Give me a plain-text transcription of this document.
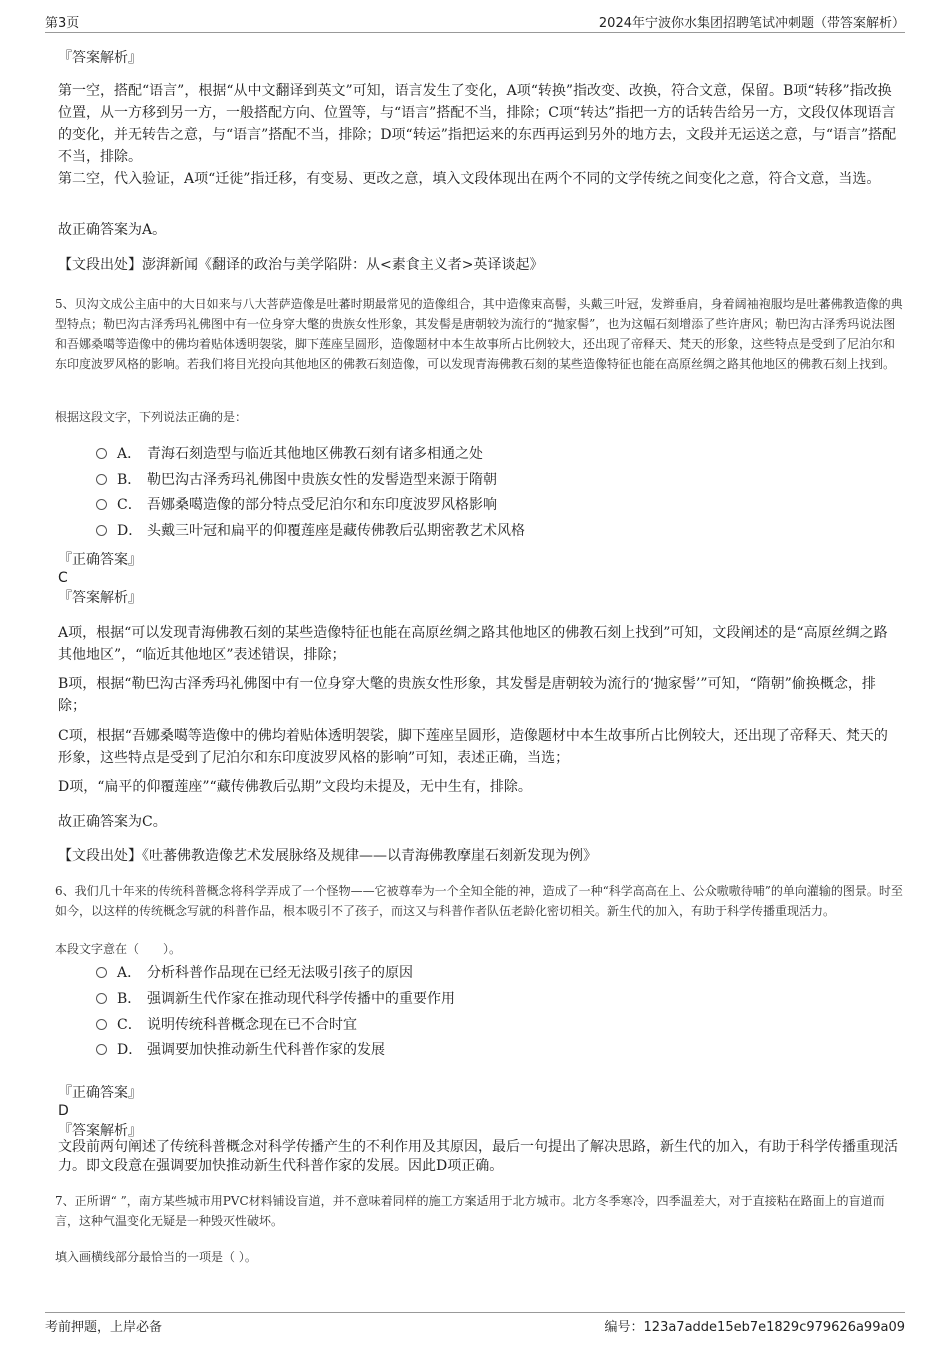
第3页	2024年宁波你水集团招聘笔试冲刺题（带答案解析）
『答案解析』
第一空，搭配“语言”，根据“从中文翻译到英文”可知，语言发生了变化，A项“转换”指改变、改换，符合文意，保留。B项“转移”指改换位置，从一方移到另一方，一般搭配方向、位置等，与“语言”搭配不当，排除；C项“转达”指把一方的话转告给另一方，文段仅体现语言的变化，并无转告之意，与“语言”搭配不当，排除；D项“转运”指把运来的东西再运到另外的地方去，文段并无运送之意，与“语言”搭配不当，排除。
第二空，代入验证，A项“迁徙”指迁移，有变易、更改之意，填入文段体现出在两个不同的文学传统之间变化之意，符合文意，当选。
故正确答案为A。
【文段出处】澎湃新闻《翻译的政治与美学陷阱：从<素食主义者>英译谈起》
5、贝沟文成公主庙中的大日如来与八大菩萨造像是吐蕃时期最常见的造像组合，其中造像束高髻，头戴三叶冠，发辫垂肩，身着阔袖袍服均是吐蕃佛教造像的典型特点；勒巴沟古泽秀玛礼佛图中有一位身穿大氅的贵族女性形象，其发髻是唐朝较为流行的“抛家髻”，也为这幅石刻增添了些许唐风；勒巴沟古泽秀玛说法图和吾娜桑噶等造像中的佛均着贴体透明袈裟，脚下莲座呈圆形，造像题材中本生故事所占比例较大，还出现了帝释天、梵天的形象，这些特点是受到了尼泊尔和东印度波罗风格的影响。若我们将目光投向其他地区的佛教石刻造像，可以发现青海佛教石刻的某些造像特征也能在高原丝绸之路其他地区的佛教石刻上找到。
根据这段文字，下列说法正确的是：
A． 青海石刻造型与临近其他地区佛教石刻有诸多相通之处
B． 勒巴沟古泽秀玛礼佛图中贵族女性的发髻造型来源于隋朝
C． 吾娜桑噶造像的部分特点受尼泊尔和东印度波罗风格影响
D． 头戴三叶冠和扁平的仰覆莲座是藏传佛教后弘期密教艺术风格
『正确答案』
C
『答案解析』
A项，根据“可以发现青海佛教石刻的某些造像特征也能在高原丝绸之路其他地区的佛教石刻上找到”可知，文段阐述的是“高原丝绸之路其他地区”，“临近其他地区”表述错误，排除；
B项，根据“勒巴沟古泽秀玛礼佛图中有一位身穿大氅的贵族女性形象，其发髻是唐朝较为流行的‘抛家髻’”可知，“隋朝”偷换概念，排除；
C项，根据“吾娜桑噶等造像中的佛均着贴体透明袈裟，脚下莲座呈圆形，造像题材中本生故事所占比例较大，还出现了帝释天、梵天的形象，这些特点是受到了尼泊尔和东印度波罗风格的影响”可知，表述正确，当选；
D项，“扁平的仰覆莲座”“藏传佛教后弘期”文段均未提及，无中生有，排除。
故正确答案为C。
【文段出处】《吐蕃佛教造像艺术发展脉络及规律——以青海佛教摩崖石刻新发现为例》
6、我们几十年来的传统科普概念将科学弄成了一个怪物——它被尊奉为一个全知全能的神，造成了一种“科学高高在上、公众嗷嗷待哺”的单向灌输的图景。时至如今，以这样的传统概念写就的科普作品，根本吸引不了孩子，而这又与科普作者队伍老龄化密切相关。新生代的加入，有助于科学传播重现活力。
本段文字意在（　　）。
A． 分析科普作品现在已经无法吸引孩子的原因
B． 强调新生代作家在推动现代科学传播中的重要作用
C． 说明传统科普概念现在已不合时宜
D． 强调要加快推动新生代科普作家的发展
『正确答案』
D
『答案解析』
文段前两句阐述了传统科普概念对科学传播产生的不利作用及其原因，最后一句提出了解决思路，新生代的加入，有助于科学传播重现活力。即文段意在强调要加快推动新生代科普作家的发展。因此D项正确。
7、正所谓“ ”，南方某些城市用PVC材料铺设盲道，并不意味着同样的施工方案适用于北方城市。北方冬季寒冷，四季温差大，对于直接粘在路面上的盲道而言，这种气温变化无疑是一种毁灭性破坏。
填入画横线部分最恰当的一项是（ ）。
考前押题，上岸必备	编号：123a7adde15eb7e1829c979626a99a09
